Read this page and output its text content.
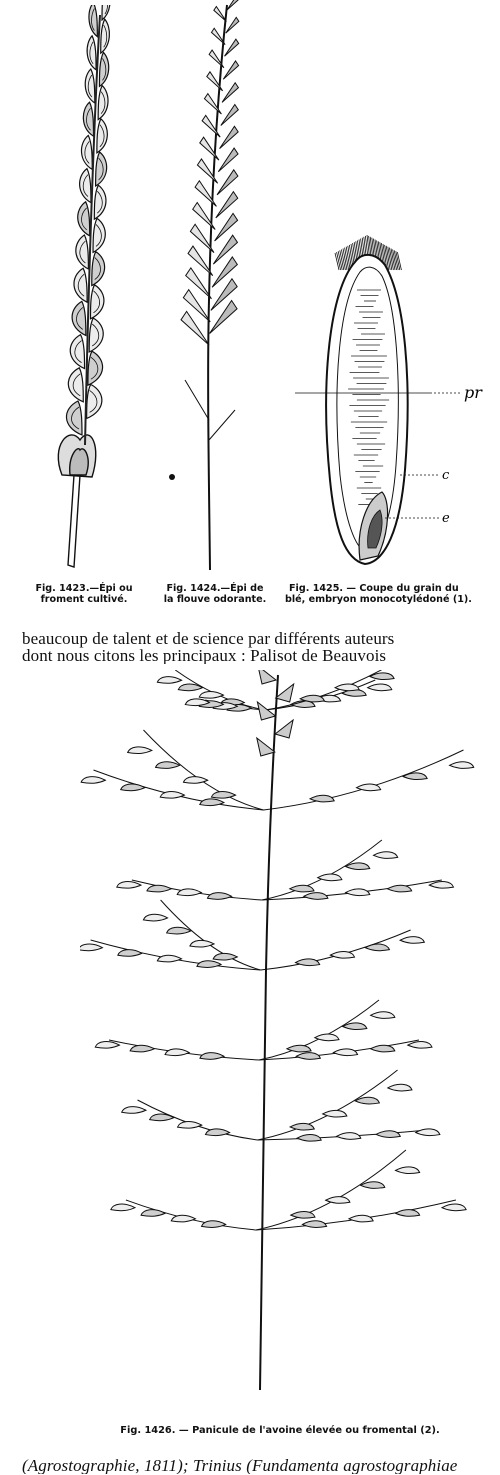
pr
c
e
Fig. 1423.—Épi ou
froment cultivé.
Fig. 1424.—Épi de
la flouve odorante.
Fig. 1425. — Coupe du grain du
blé, embryon monocotylédoné (1).
beaucoup de talent et de science par différents auteurs
dont nous citons les principaux : Palisot de Beauvois
Fig. 1426. — Panicule de l'avoine élevée ou fromental (2).
(Agrostographie, 1811); Trinius (Fundamenta agrostographiae
